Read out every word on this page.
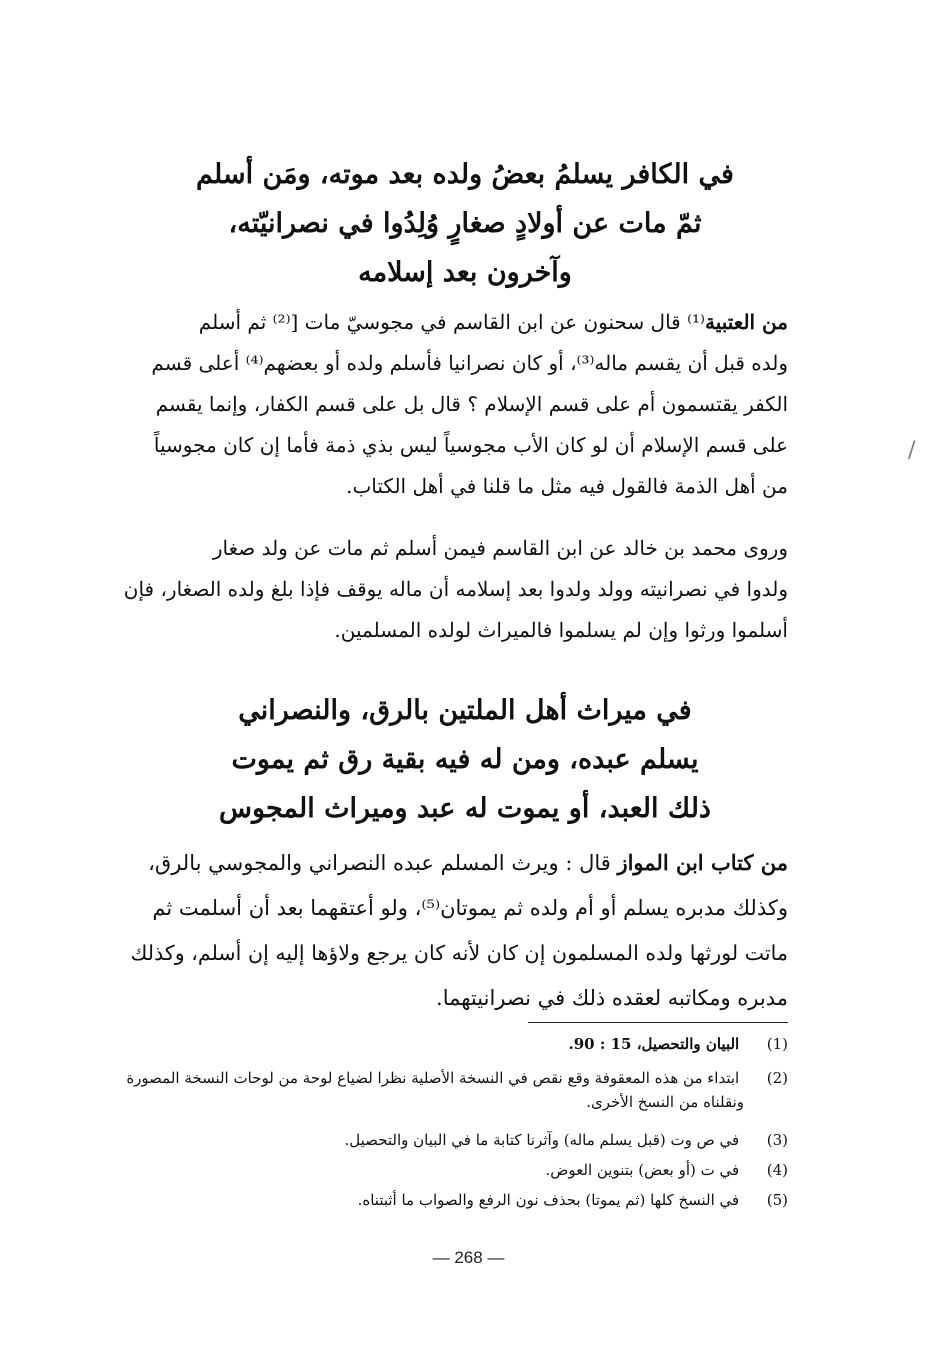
في الكافر يسلمُ بعضُ ولده بعد موته، ومَن أسلم
ثمّ مات عن أولادٍ صغارٍ وُلِدُوا في نصرانيّته،
وآخرون بعد إسلامه
من العتبية⁽¹⁾ قال سحنون عن ابن القاسم في مجوسيّ مات [⁽²⁾ ثم أسلم
ولده قبل أن يقسم ماله⁽³⁾، أو كان نصرانيا فأسلم ولده أو بعضهم⁽⁴⁾ أعلى قسم
الكفر يقتسمون أم على قسم الإسلام ؟ قال بل على قسم الكفار، وإنما يقسم
على قسم الإسلام أن لو كان الأب مجوسياً ليس بذي ذمة فأما إن كان مجوسياً
من أهل الذمة فالقول فيه مثل ما قلنا في أهل الكتاب.
وروى محمد بن خالد عن ابن القاسم فيمن أسلم ثم مات عن ولد صغار
ولدوا في نصرانيته وولد ولدوا بعد إسلامه أن ماله يوقف فإذا بلغ ولده الصغار، فإن
أسلموا ورثوا وإن لم يسلموا فالميراث لولده المسلمين.
في ميراث أهل الملتين بالرق، والنصراني
يسلم عبده، ومن له فيه بقية رق ثم يموت
ذلك العبد، أو يموت له عبد وميراث المجوس
من كتاب ابن المواز قال : ويرث المسلم عبده النصراني والمجوسي بالرق،
وكذلك مدبره يسلم أو أم ولده ثم يموتان⁽⁵⁾، ولو أعتقهما بعد أن أسلمت ثم
ماتت لورثها ولده المسلمون إن كان لأنه كان يرجع ولاؤها إليه إن أسلم، وكذلك
مدبره ومكاتبه لعقده ذلك في نصرانيتهما.
(1) البيان والتحصيل، 15 : 90.
(2) ابتداء من هذه المعقوفة وقع نقص في النسخة الأصلية نظرا لضياع لوحة من لوحات النسخة المصورة
ونقلناه من النسخ الأخرى.
(3) في ص وت (قبل يسلم ماله) وآثرنا كتابة ما في البيان والتحصيل.
(4) في ت (أو بعض) بتنوين العوض.
(5) في النسخ كلها (ثم يموتا) بحذف نون الرفع والصواب ما أثبتناه.
— 268 —
/
